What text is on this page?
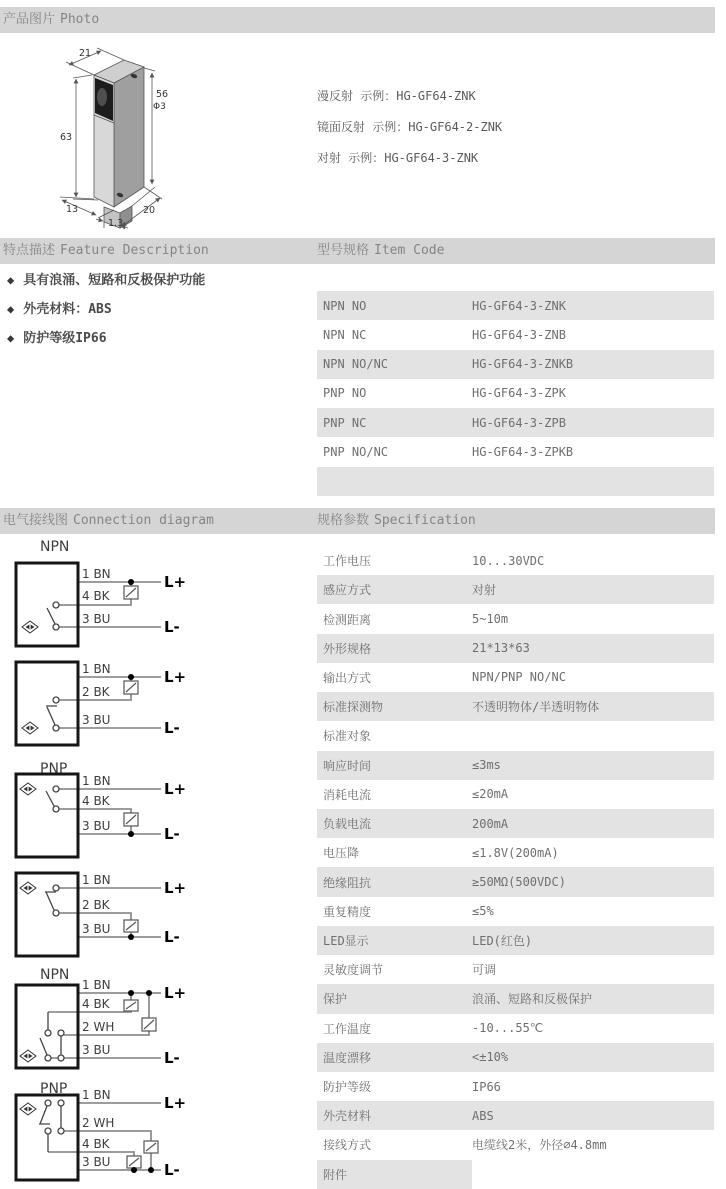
产品图片 Photo
21
63
56
Φ3
13	20
1.3
漫反射 示例：HG-GF64-ZNK
镜面反射 示例：HG-GF64-2-ZNK
对射 示例：HG-GF64-3-ZNK
特点描述 Feature Description	型号规格 Item Code
◆ 具有浪涌、短路和反极保护功能
◆ 外壳材料：ABS
◆ 防护等级IP66
NPN NO	HG-GF64-3-ZNK
NPN NC	HG-GF64-3-ZNB
NPN NO/NC	HG-GF64-3-ZNKB
PNP NO	HG-GF64-3-ZPK
PNP NC	HG-GF64-3-ZPB
PNP NO/NC	HG-GF64-3-ZPKB
电气接线图 Connection diagram	规格参数 Specification
工作电压	10...30VDC
感应方式	对射
检测距离	5~10m
外形规格	21*13*63
输出方式	NPN/PNP NO/NC
标准探测物	不透明物体/半透明物体
标准对象
响应时间	≤3ms
消耗电流	≤20mA
负载电流	200mA
电压降	≤1.8V(200mA)
绝缘阻抗	≥50MΩ(500VDC)
重复精度	≤5%
LED显示	LED(红色)
灵敏度调节	可调
保护	浪涌、短路和反极保护
工作温度	-10...55℃
温度漂移	<±10%
防护等级	IP66
外壳材料	ABS
接线方式	电缆线2米，外径∅4.8mm
附件
NPN
1 BN
4 BK
3 BU
L+
L-
1 BN
2 BK
3 BU
L+
L-
PNP
1 BN
4 BK
3 BU
L+
L-
1 BN
2 BK
3 BU
L+
L-
NPN
1 BN
4 BK
2 WH
3 BU
L+
L-
PNP 1 BN
2 WH
4 BK
3 BU
L+
L-
